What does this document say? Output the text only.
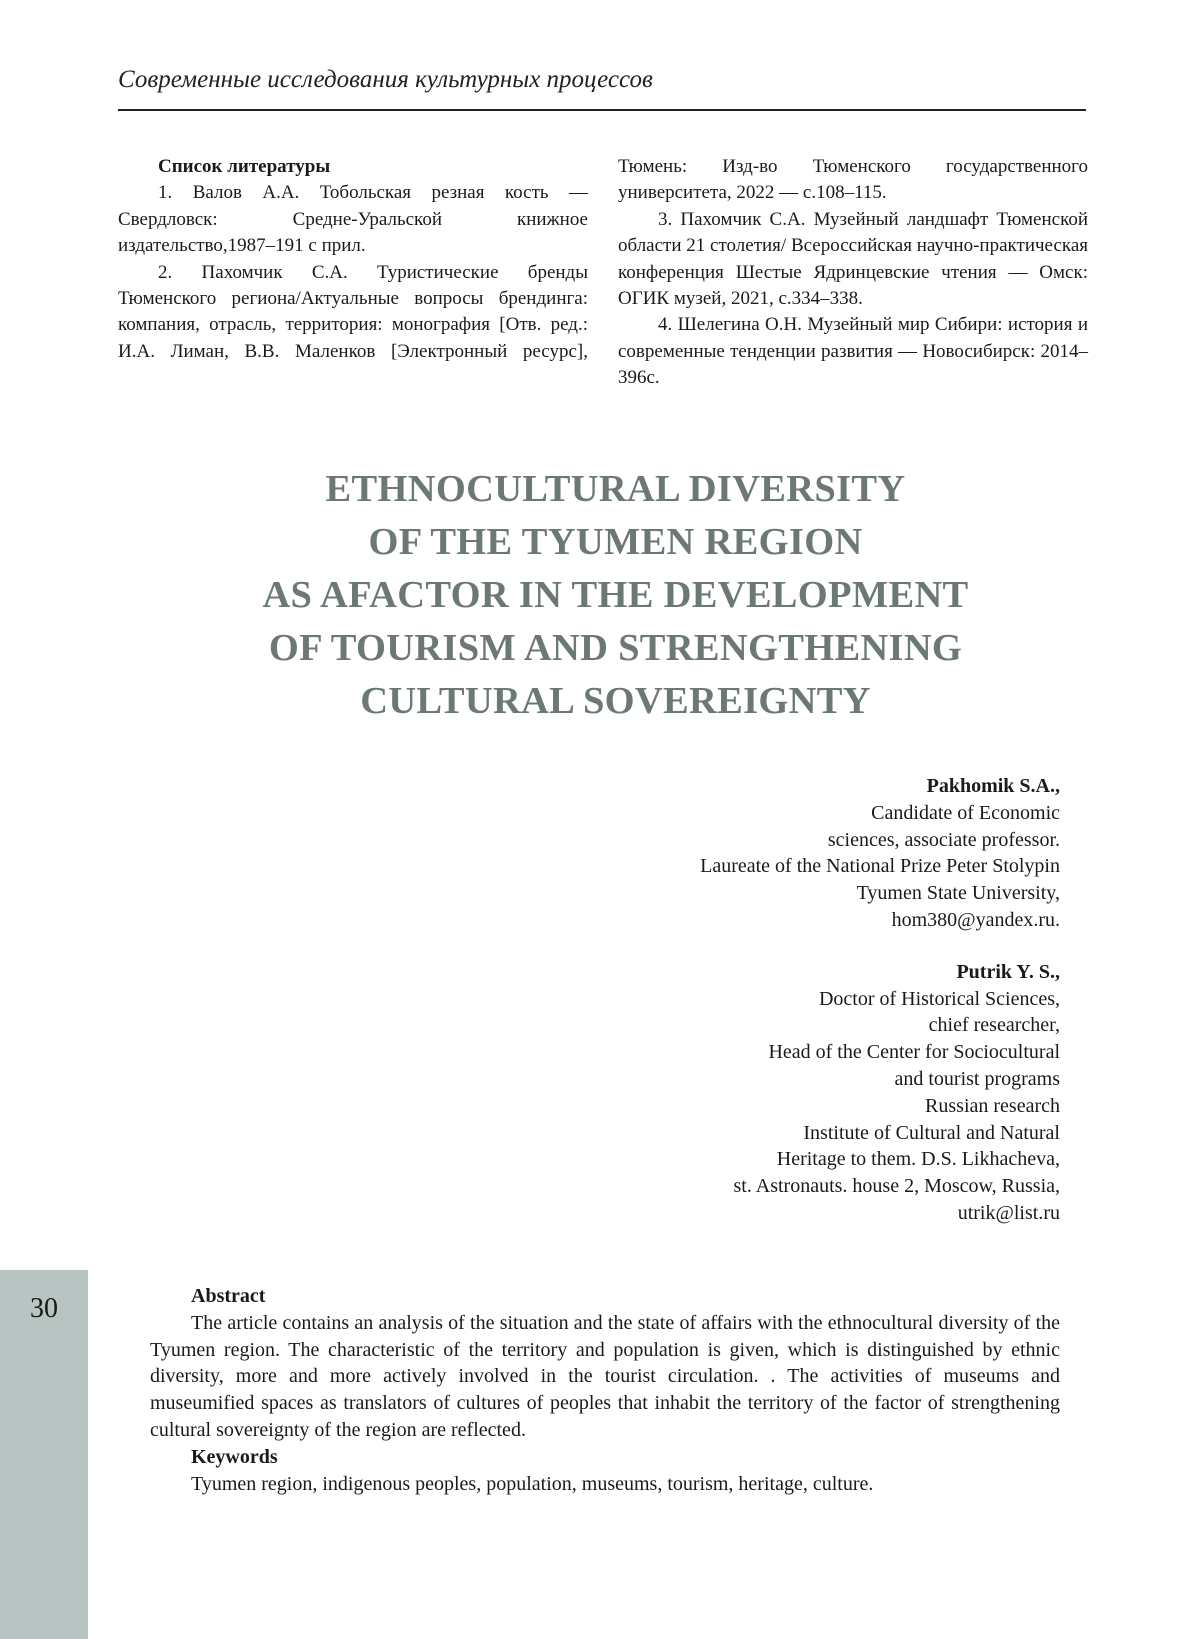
Современные исследования культурных процессов
Список литературы
1. Валов А.А. Тобольская резная кость — Свердловск: Средне-Уральской книжное издательство,1987–191 с прил.
2. Пахомчик С.А. Туристические бренды Тюменского региона/Актуальные вопросы брендинга: компания, отрасль, территория: монография [Отв. ред.: И.А. Лиман, В.В. Маленков [Электронный ресурс], Тюмень: Изд-во Тюменского государственного университета, 2022 — с.108–115.
3. Пахомчик С.А. Музейный ландшафт Тюменской области 21 столетия/ Всероссийская научно-практическая конференция Шестые Ядринцевские чтения — Омск: ОГИК музей, 2021, с.334–338.
4. Шелегина О.Н. Музейный мир Сибири: история и современные тенденции развития — Новосибирск: 2014–396с.
ETHNOCULTURAL DIVERSITY
OF THE TYUMEN REGION
AS AFACTOR IN THE DEVELOPMENT
OF TOURISM AND STRENGTHENING
CULTURAL SOVEREIGNTY
Pakhomik S.A.,
Candidate of Economic
sciences, associate professor.
Laureate of the National Prize Peter Stolypin
Tyumen State University,
hom380@yandex.ru.
Putrik Y. S.,
Doctor of Historical Sciences,
chief researcher,
Head of the Center for Sociocultural
and tourist programs
Russian research
Institute of Cultural and Natural
Heritage to them. D.S. Likhacheva,
st. Astronauts. house 2, Moscow, Russia,
utrik@list.ru
30	Abstract
The article contains an analysis of the situation and the state of affairs with the ethnocultural diversity of the Tyumen region. The characteristic of the territory and population is given, which is distinguished by ethnic diversity, more and more actively involved in the tourist circulation. . The activities of museums and museumified spaces as translators of cultures of peoples that inhabit the territory of the factor of strengthening cultural sovereignty of the region are reflected.
Keywords
Tyumen region, indigenous peoples, population, museums, tourism, heritage, culture.
